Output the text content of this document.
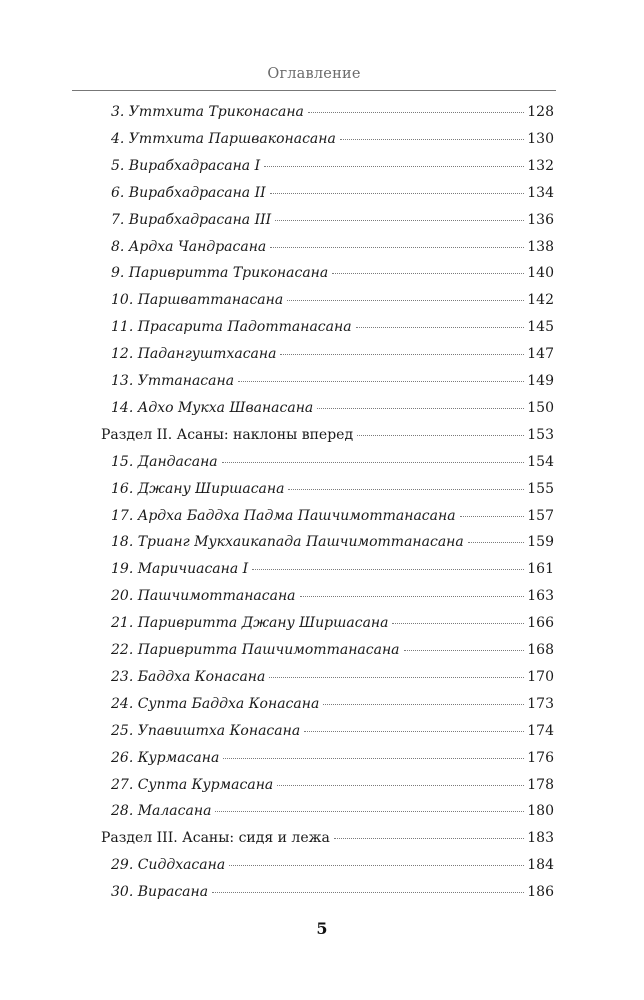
Оглавление
3. Уттхита Триконасана	128
4. Уттхита Паршваконасана	130
5. Вирабхадрасана I	132
6. Вирабхадрасана II	134
7. Вирабхадрасана III	136
8. Ардха Чандрасана	138
9. Паривритта Триконасана	140
10. Паршваттанасана	142
11. Прасарита Падоттанасана	145
12. Падангуштхасана	147
13. Уттанасана	149
14. Адхо Мукха Шванасана	150
Раздел II. Асаны: наклоны вперед	153
15. Дандасана	154
16. Джану Ширшасана	155
17. Ардха Баддха Падма Пашчимоттанасана	157
18. Трианг Мукхаикапада Пашчимоттанасана	159
19. Маричиасана I	161
20. Пашчимоттанасана	163
21. Паривритта Джану Ширшасана	166
22. Паривритта Пашчимоттанасана	168
23. Баддха Конасана	170
24. Супта Баддха Конасана	173
25. Упавиштха Конасана	174
26. Курмасана	176
27. Супта Курмасана	178
28. Маласана	180
Раздел III. Асаны: сидя и лежа	183
29. Сиддхасана	184
30. Вирасана	186
5
